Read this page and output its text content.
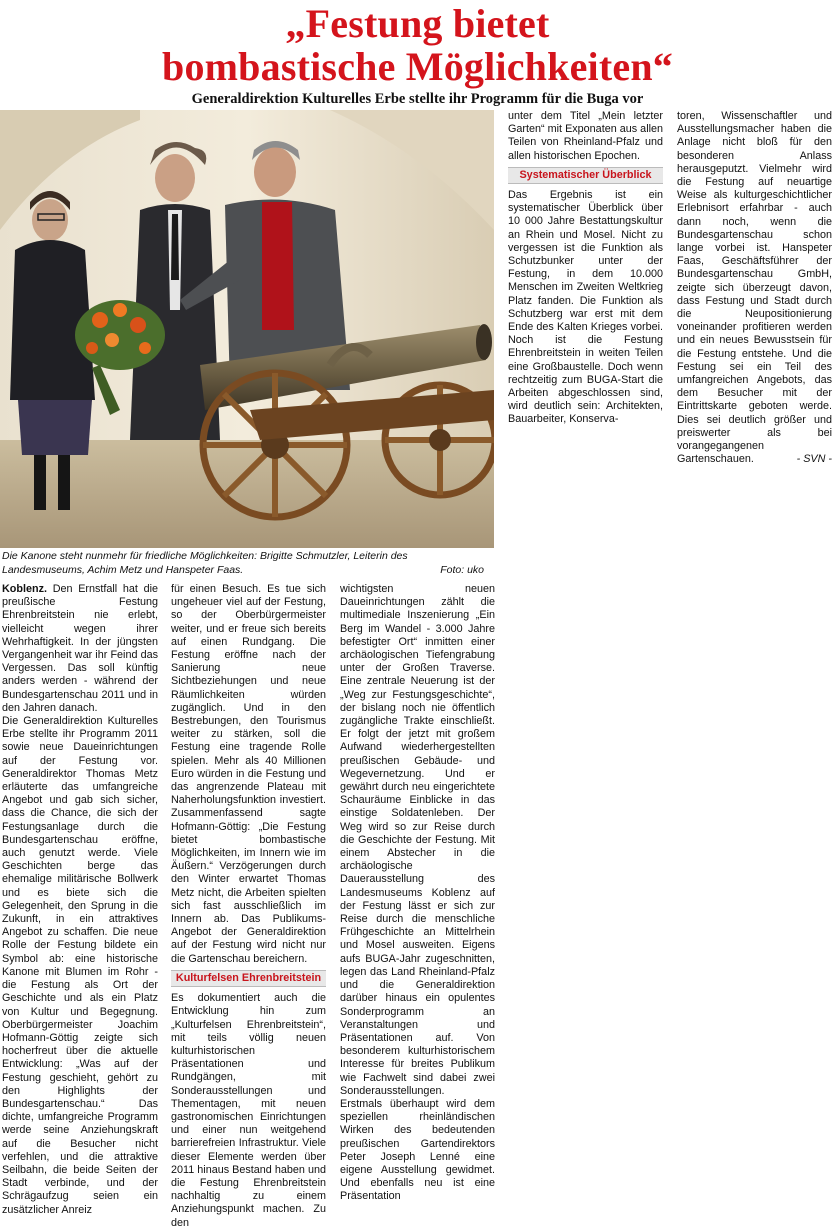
„Festung bietet
bombastische Möglichkeiten“
Generaldirektion Kulturelles Erbe stellte ihr Programm für die Buga vor
Die Kanone steht nunmehr für friedliche Möglichkeiten: Brigitte Schmutzler, Leiterin des Landesmuseums, Achim Metz und Hanspeter Faas.	Foto: uko

Koblenz. Den Ernstfall hat die preußische Festung Ehrenbreitstein nie erlebt, vielleicht wegen ihrer Wehrhaftigkeit. In der jüngsten Vergangenheit war ihr Feind das Vergessen. Das soll künftig anders werden - während der Bundesgartenschau 2011 und in den Jahren danach.

Die Generaldirektion Kulturelles Erbe stellte ihr Programm 2011 sowie neue Daueinrichtungen auf der Festung vor. Generaldirektor Thomas Metz erläuterte das umfangreiche Angebot und gab sich sicher, dass die Chance, die sich der Festungsanlage durch die Bundesgartenschau eröffne, auch genutzt werde. Viele Geschichten berge das ehemalige militärische Bollwerk und es biete sich die Gelegenheit, den Sprung in die Zukunft, in ein attraktives Angebot zu schaffen. Die neue Rolle der Festung bildete ein Symbol ab: eine historische Kanone mit Blumen im Rohr - die Festung als Ort der Geschichte und als ein Platz von Kultur und Begegnung. Oberbürgermeister Joachim Hofmann-Göttig zeigte sich hocherfreut über die aktuelle Entwicklung: „Was auf der Festung geschieht, gehört zu den Highlights der Bundesgartenschau.“ Das dichte, umfangreiche Programm werde seine Anziehungskraft auf die Besucher nicht verfehlen, und die attraktive Seilbahn, die beide Seiten der Stadt verbinde, und der Schrägaufzug seien ein zusätzlicher Anreiz

für einen Besuch. Es tue sich ungeheuer viel auf der Festung, so der Oberbürgermeister weiter, und er freue sich bereits auf einen Rundgang. Die Festung eröffne nach der Sanierung neue Sichtbeziehungen und neue Räumlichkeiten würden zugänglich. Und in den Bestrebungen, den Tourismus weiter zu stärken, soll die Festung eine tragende Rolle spielen. Mehr als 40 Millionen Euro würden in die Festung und das angrenzende Plateau mit Naherholungsfunktion investiert. Zusammenfassend sagte Hofmann-Göttig: „Die Festung bietet bombastische Möglichkeiten, im Innern wie im Äußern.“ Verzögerungen durch den Winter erwartet Thomas Metz nicht, die Arbeiten spielten sich fast ausschließlich im Innern ab. Das Publikums-Angebot der Generaldirektion auf der Festung wird nicht nur die Gartenschau bereichern.

Kulturfelsen Ehrenbreitstein

Es dokumentiert auch die Entwicklung hin zum „Kulturfelsen Ehrenbreitstein“, mit teils völlig neuen kulturhistorischen Präsentationen und Rundgängen, mit Sonderausstellungen und Thementagen, mit neuen gastronomischen Einrichtungen und einer nun weitgehend barrierefreien Infrastruktur. Viele dieser Elemente werden über 2011 hinaus Bestand haben und die Festung Ehrenbreitstein nachhaltig zu einem Anziehungspunkt machen. Zu den

wichtigsten neuen Daueinrichtungen zählt die multimediale Inszenierung „Ein Berg im Wandel - 3.000 Jahre befestigter Ort“ inmitten einer archäologischen Tiefengrabung unter der Großen Traverse. Eine zentrale Neuerung ist der „Weg zur Festungsgeschichte“, der bislang noch nie öffentlich zugängliche Trakte einschließt. Er folgt der jetzt mit großem Aufwand wiederhergestellten preußischen Gebäude- und Wegevernetzung. Und er gewährt durch neu eingerichtete Schauräume Einblicke in das einstige Soldatenleben. Der Weg wird so zur Reise durch die Geschichte der Festung. Mit einem Abstecher in die archäologische Dauerausstellung des Landesmuseums Koblenz auf der Festung lässt er sich zur Reise durch die menschliche Frühgeschichte an Mittelrhein und Mosel ausweiten. Eigens aufs BUGA-Jahr zugeschnitten, legen das Land Rheinland-Pfalz und die Generaldirektion darüber hinaus ein opulentes Sonderprogramm an Veranstaltungen und Präsentationen auf. Von besonderem kulturhistorischem Interesse für breites Publikum wie Fachwelt sind dabei zwei Sonderausstellungen.

Erstmals überhaupt wird dem speziellen rheinländischen Wirken des bedeutenden preußischen Gartendirektors Peter Joseph Lenné eine eigene Ausstellung gewidmet. Und ebenfalls neu ist eine Präsentation

unter dem Titel „Mein letzter Garten“ mit Exponaten aus allen Teilen von Rheinland-Pfalz und allen historischen Epochen.

Systematischer Überblick

Das Ergebnis ist ein systematischer Überblick über 10 000 Jahre Bestattungskultur an Rhein und Mosel. Nicht zu vergessen ist die Funktion als Schutzbunker unter der Festung, in dem 10.000 Menschen im Zweiten Weltkrieg Platz fanden. Die Funktion als Schutzberg war erst mit dem Ende des Kalten Krieges vorbei. Noch ist die Festung Ehrenbreitstein in weiten Teilen eine Großbaustelle. Doch wenn rechtzeitig zum BUGA-Start die Arbeiten abgeschlossen sind, wird deutlich sein: Architekten, Bauarbeiter, Konserva-

toren, Wissenschaftler und Ausstellungsmacher haben die Anlage nicht bloß für den besonderen Anlass herausgeputzt. Vielmehr wird die Festung auf neuartige Weise als kulturgeschichtlicher Erlebnisort erfahrbar - auch dann noch, wenn die Bundesgartenschau schon lange vorbei ist. Hanspeter Faas, Geschäftsführer der Bundesgartenschau GmbH, zeigte sich überzeugt davon, dass Festung und Stadt durch die Neupositionierung voneinander profitieren werden und ein neues Bewusstsein für die Festung entstehe. Und die Festung sei ein Teil des umfangreichen Angebots, das dem Besucher mit der Eintrittskarte geboten werde. Dies sei deutlich größer und preiswerter als bei vorangegangenen Gartenschauen.	- SVN -
